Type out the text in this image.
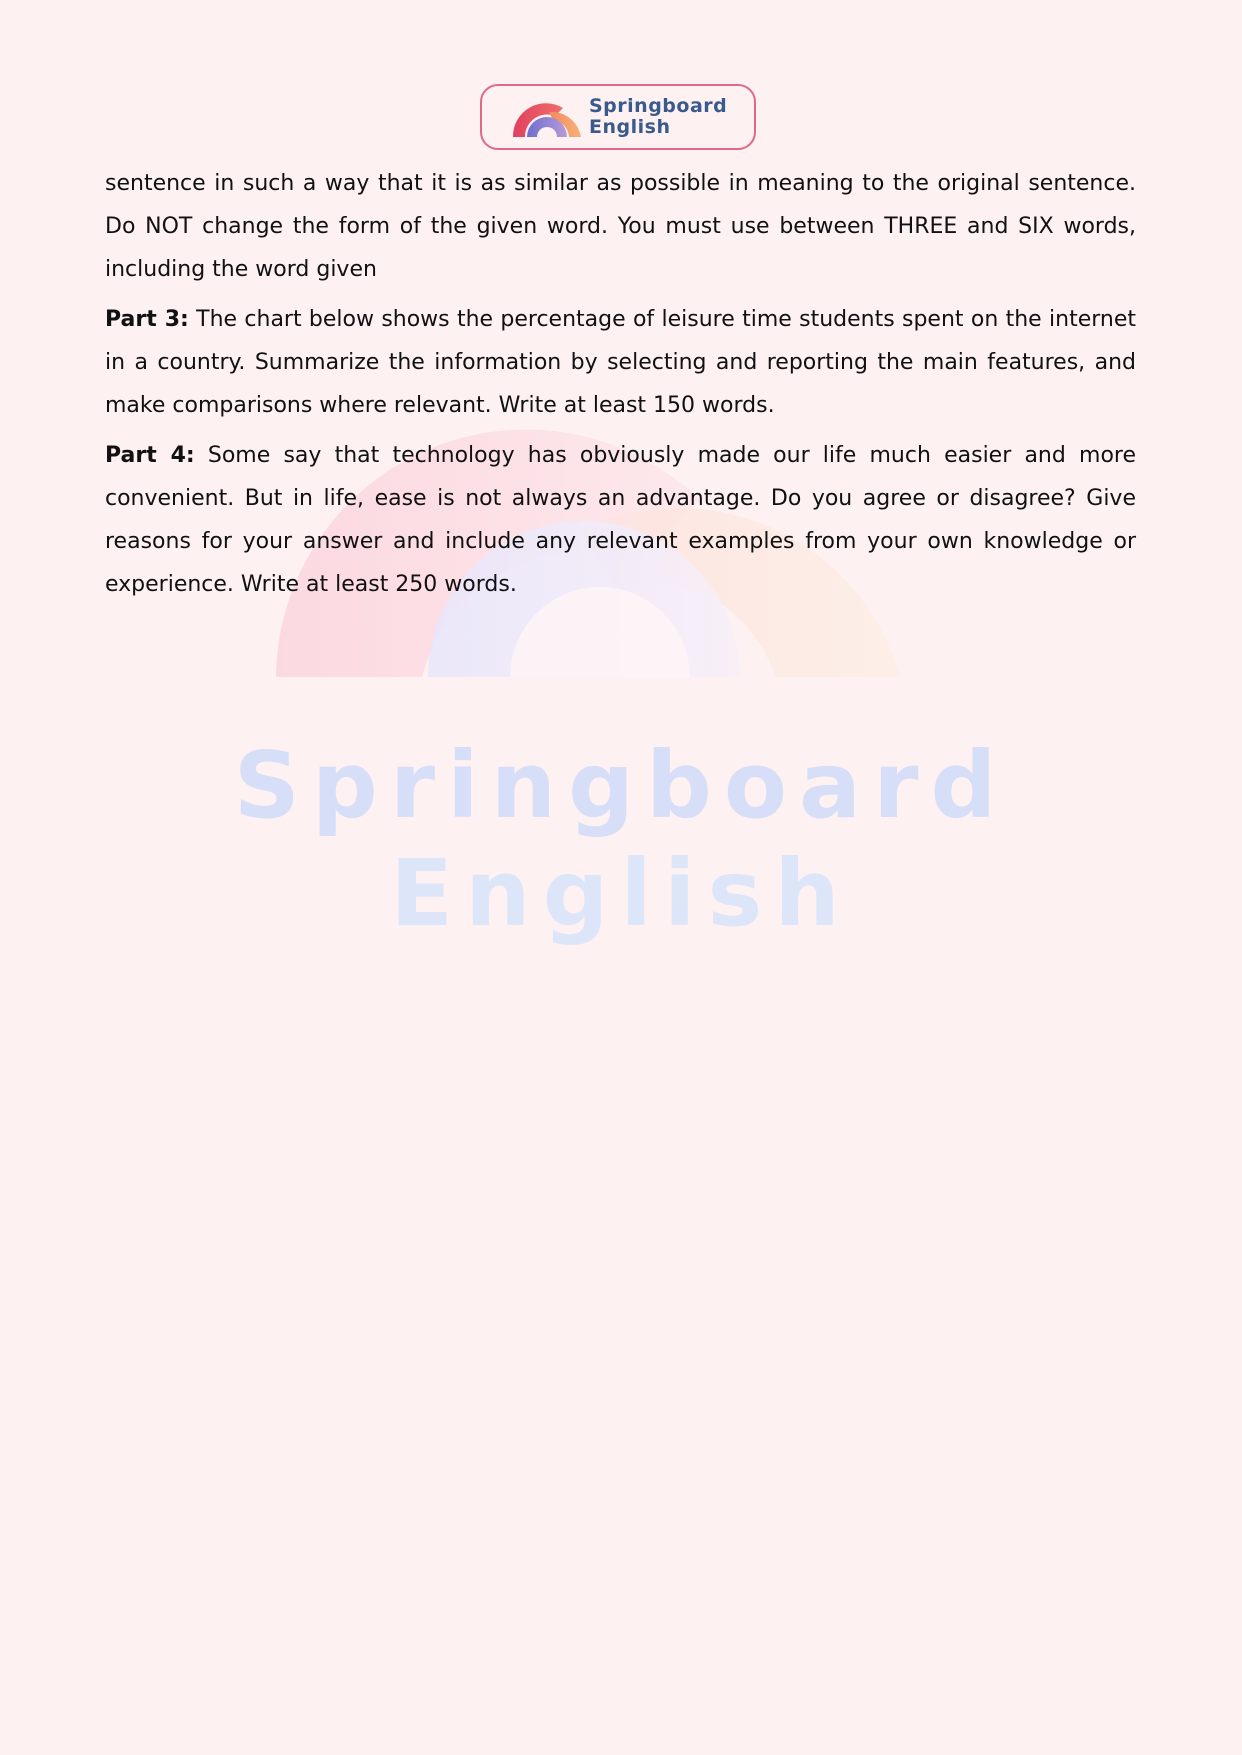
Springboard
English
Springboard
English

sentence in such a way that it is as similar as possible in meaning to the original sentence. Do NOT change the form of the given word. You must use between THREE and SIX words, including the word given

Part 3: The chart below shows the percentage of leisure time students spent on the internet in a country. Summarize the information by selecting and reporting the main features, and make comparisons where relevant. Write at least 150 words.

Part 4: Some say that technology has obviously made our life much easier and more convenient. But in life, ease is not always an advantage. Do you agree or disagree? Give reasons for your answer and include any relevant examples from your own knowledge or experience. Write at least 250 words.
